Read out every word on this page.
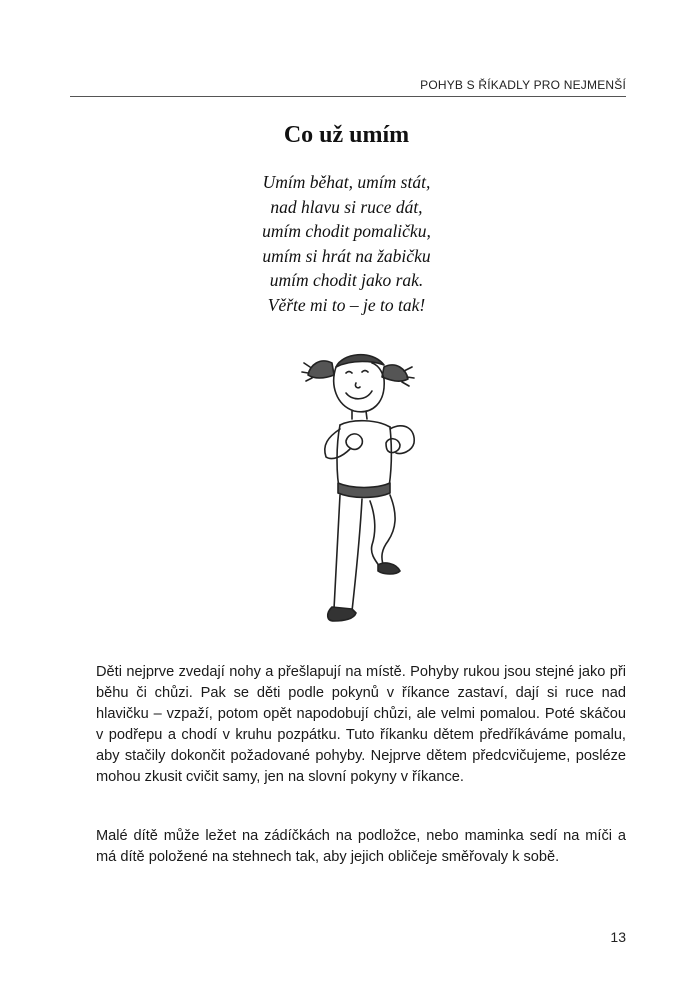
POHYB S ŘÍKADLY PRO NEJMENŠÍ
Co už umím
Umím běhat, umím stát,
nad hlavu si ruce dát,
umím chodit pomaličku,
umím si hrát na žabičku
umím chodit jako rak.
Věřte mi to – je to tak!
Děti nejprve zvedají nohy a přešlapují na místě. Pohyby rukou jsou stejné jako při běhu či chůzi. Pak se děti podle pokynů v říkance zastaví, dají si ruce nad hlavičku – vzpaží, potom opět napodobují chůzi, ale velmi pomalou. Poté skáčou v podřepu a chodí v kruhu pozpátku. Tuto říkanku dětem předříkáváme pomalu, aby stačily dokončit požadované pohyby. Nejprve dětem předcvičujeme, posléze mohou zkusit cvičit samy, jen na slovní pokyny v říkance.
Malé dítě může ležet na zádíčkách na podložce, nebo maminka sedí na míči a má dítě položené na stehnech tak, aby jejich obličeje směřovaly k sobě.
13
